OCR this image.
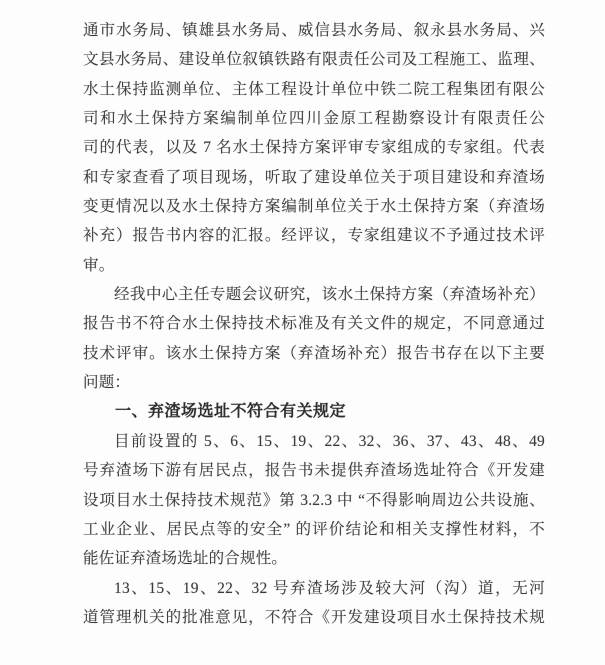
通市水务局、镇雄县水务局、威信县水务局、叙永县水务局、兴
文县水务局、建设单位叙镇铁路有限责任公司及工程施工、监理、
水土保持监测单位、主体工程设计单位中铁二院工程集团有限公
司和水土保持方案编制单位四川金原工程勘察设计有限责任公
司的代表，以及 7 名水土保持方案评审专家组成的专家组。代表
和专家查看了项目现场，听取了建设单位关于项目建设和弃渣场
变更情况以及水土保持方案编制单位关于水土保持方案（弃渣场
补充）报告书内容的汇报。经评议，专家组建议不予通过技术评
审。
经我中心主任专题会议研究，该水土保持方案（弃渣场补充）
报告书不符合水土保持技术标准及有关文件的规定，不同意通过
技术评审。该水土保持方案（弃渣场补充）报告书存在以下主要
问题：
一、弃渣场选址不符合有关规定
目前设置的 5、6、15、19、22、32、36、37、43、48、49
号弃渣场下游有居民点，报告书未提供弃渣场选址符合《开发建
设项目水土保持技术规范》第 3.2.3 中 “不得影响周边公共设施、
工业企业、居民点等的安全” 的评价结论和相关支撑性材料，不
能佐证弃渣场选址的合规性。
13、15、19、22、32 号弃渣场涉及较大河（沟）道，无河
道管理机关的批准意见，不符合《开发建设项目水土保持技术规
